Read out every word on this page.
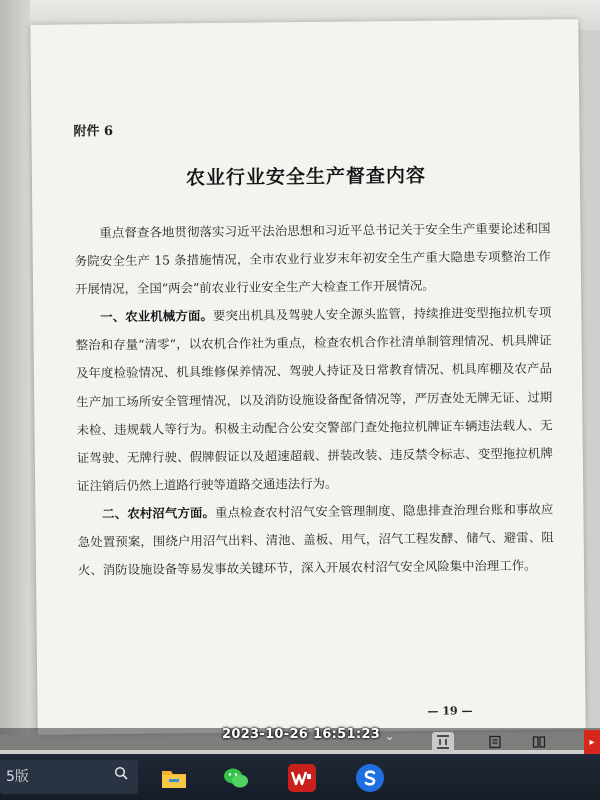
附件 6
农业行业安全生产督查内容

重点督查各地贯彻落实习近平法治思想和习近平总书记关于安全生产重要论述和国务院安全生产 15 条措施情况，全市农业行业岁末年初安全生产重大隐患专项整治工作开展情况，全国“两会”前农业行业安全生产大检查工作开展情况。

一、农业机械方面。要突出机具及驾驶人安全源头监管，持续推进变型拖拉机专项整治和存量“清零”，以农机合作社为重点，检查农机合作社清单制管理情况、机具牌证及年度检验情况、机具维修保养情况、驾驶人持证及日常教育情况、机具库棚及农产品生产加工场所安全管理情况，以及消防设施设备配备情况等，严厉查处无牌无证、过期未检、违规载人等行为。积极主动配合公安交警部门查处拖拉机牌证车辆违法载人、无证驾驶、无牌行驶、假牌假证以及超速超载、拼装改装、违反禁令标志、变型拖拉机牌证注销后仍然上道路行驶等道路交通违法行为。

二、农村沼气方面。重点检查农村沼气安全管理制度、隐患排查治理台账和事故应急处置预案，围绕户用沼气出料、清池、盖板、用气，沼气工程发酵、储气、避雷、阻火、消防设施设备等易发事故关键环节，深入开展农村沼气安全风险集中治理工作。

— 19 —
2023-10-26 16:51:23 ⌄	▸
5版
